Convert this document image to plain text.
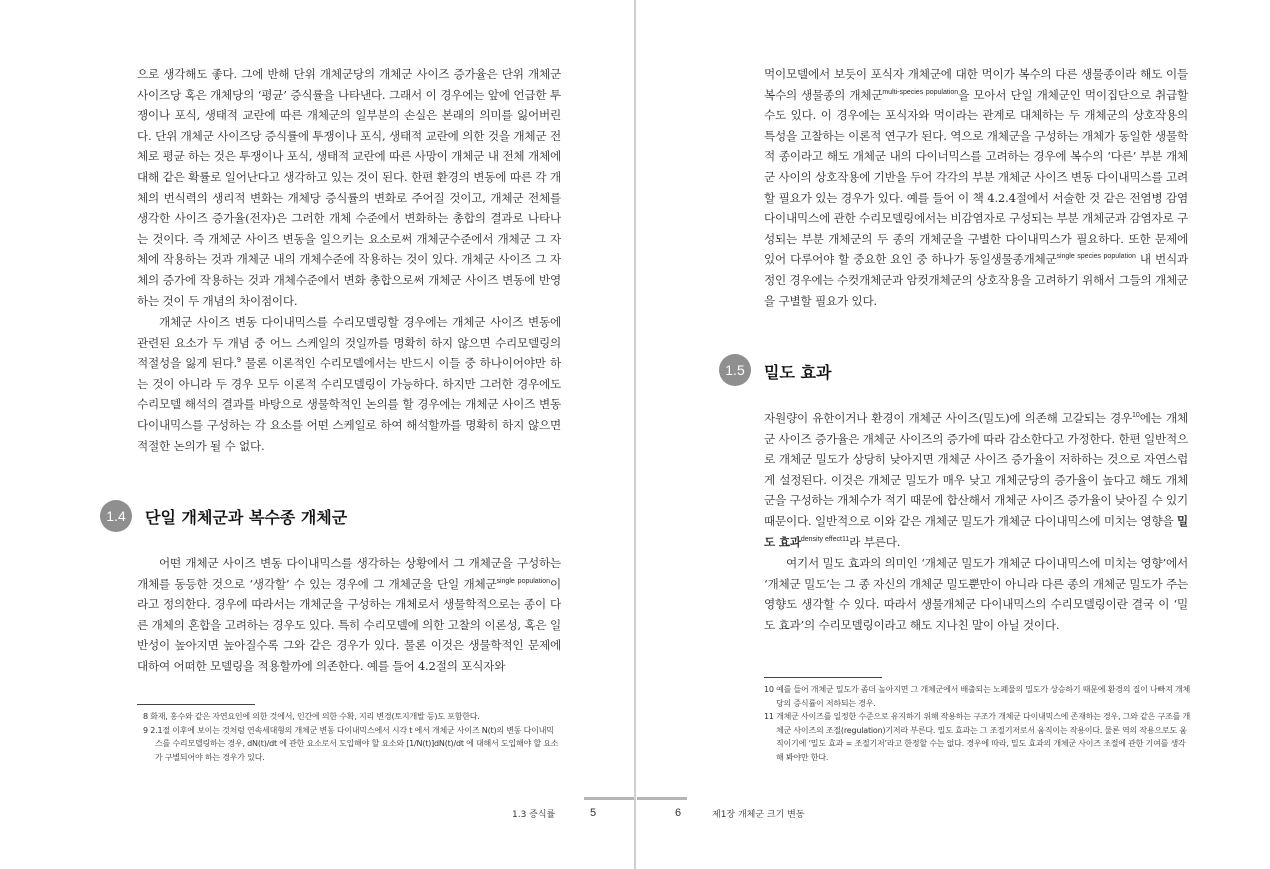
으로 생각해도 좋다. 그에 반해 단위 개체군당의 개체군 사이즈 증가율은 단위 개체군 사이즈당 혹은 개체당의 ‘평균’ 증식률을 나타낸다. 그래서 이 경우에는 앞에 언급한 투쟁이나 포식, 생태적 교란에 따른 개체군의 일부분의 손실은 본래의 의미를 잃어버린다. 단위 개체군 사이즈당 증식률에 투쟁이나 포식, 생태적 교란에 의한 것을 개체군 전체로 평균 하는 것은 투쟁이나 포식, 생태적 교란에 따른 사망이 개체군 내 전체 개체에 대해 같은 확률로 일어난다고 생각하고 있는 것이 된다. 한편 환경의 변동에 따른 각 개체의 번식력의 생리적 변화는 개체당 증식률의 변화로 주어질 것이고, 개체군 전체를 생각한 사이즈 증가율(전자)은 그러한 개체 수준에서 변화하는 총합의 결과로 나타나는 것이다. 즉 개체군 사이즈 변동을 일으키는 요소로써 개체군수준에서 개체군 그 자체에 작용하는 것과 개체군 내의 개체수준에 작용하는 것이 있다. 개체군 사이즈 그 자체의 증가에 작용하는 것과 개체수준에서 변화 총합으로써 개체군 사이즈 변동에 반영하는 것이 두 개념의 차이점이다.

개체군 사이즈 변동 다이내믹스를 수리모델링할 경우에는 개체군 사이즈 변동에 관련된 요소가 두 개념 중 어느 스케일의 것일까를 명확히 하지 않으면 수리모델링의 적절성을 잃게 된다.$^9$ 물론 이론적인 수리모델에서는 반드시 이들 중 하나이어야만 하는 것이 아니라 두 경우 모두 이론적 수리모델링이 가능하다. 하지만 그러한 경우에도 수리모델 해석의 결과를 바탕으로 생물학적인 논의를 할 경우에는 개체군 사이즈 변동 다이내믹스를 구성하는 각 요소를 어떤 스케일로 하여 해석할까를 명확히 하지 않으면 적절한 논의가 될 수 없다.

1.4	단일 개체군과 복수종 개체군

어떤 개체군 사이즈 변동 다이내믹스를 생각하는 상황에서 그 개체군을 구성하는 개체를 동등한 것으로 ‘생각할’ 수 있는 경우에 그 개체군을 단일 개체군$^{single population}$이라고 정의한다. 경우에 따라서는 개체군을 구성하는 개체로서 생물학적으로는 종이 다른 개체의 혼합을 고려하는 경우도 있다. 특히 수리모델에 의한 고찰의 이론성, 혹은 일반성이 높아지면 높아질수록 그와 같은 경우가 있다. 물론 이것은 생물학적인 문제에 대하여 어떠한 모델링을 적용할까에 의존한다. 예를 들어 4.2절의 포식자와

8 화재, 홍수와 같은 자연요인에 의한 것에서, 인간에 의한 수확, 지리 변경(토지개발 등)도 포함한다.

9 2.1절 이후에 보이는 것처럼 연속세대형의 개체군 변동 다이내믹스에서 시각 t 에서 개체군 사이즈 N(t)의 변동 다이내믹스를 수리모델링하는 경우, dN(t)/dt 에 관한 요소로서 도입해야 할 요소와 [1/N(t)]dN(t)/dt 에 대해서 도입해야 할 요소가 구별되어야 하는 경우가 있다.

1.3 증식률	5

먹이모델에서 보듯이 포식자 개체군에 대한 먹이가 복수의 다른 생물종이라 해도 이들 복수의 생물종의 개체군$^{multi-species population}$을 모아서 단일 개체군인 먹이집단으로 취급할 수도 있다. 이 경우에는 포식자와 먹이라는 관계로 대체하는 두 개체군의 상호작용의 특성을 고찰하는 이론적 연구가 된다. 역으로 개체군을 구성하는 개체가 동일한 생물학적 종이라고 해도 개체군 내의 다이너믹스를 고려하는 경우에 복수의 ‘다른’ 부분 개체군 사이의 상호작용에 기반을 두어 각각의 부분 개체군 사이즈 변동 다이내믹스를 고려할 필요가 있는 경우가 있다. 예를 들어 이 책 4.2.4절에서 서술한 것 같은 전염병 감염 다이내믹스에 관한 수리모델링에서는 비감염자로 구성되는 부분 개체군과 감염자로 구성되는 부분 개체군의 두 종의 개체군을 구별한 다이내믹스가 필요하다. 또한 문제에 있어 다루어야 할 중요한 요인 중 하나가 동일생물종개체군$^{single species population}$ 내 번식과정인 경우에는 수컷개체군과 암컷개체군의 상호작용을 고려하기 위해서 그들의 개체군을 구별할 필요가 있다.

1.5	밀도 효과

자원량이 유한이거나 환경이 개체군 사이즈(밀도)에 의존해 고갈되는 경우$^{10}$에는 개체군 사이즈 증가율은 개체군 사이즈의 증가에 따라 감소한다고 가정한다. 한편 일반적으로 개체군 밀도가 상당히 낮아지면 개체군 사이즈 증가율이 저하하는 것으로 자연스럽게 설정된다. 이것은 개체군 밀도가 매우 낮고 개체군당의 증가율이 높다고 해도 개체군을 구성하는 개체수가 적기 때문에 합산해서 개체군 사이즈 증가율이 낮아질 수 있기 때문이다. 일반적으로 이와 같은 개체군 밀도가 개체군 다이내믹스에 미치는 영향을 밀도 효과$^{density effect11}$라 부른다.

여기서 밀도 효과의 의미인 ‘개체군 밀도가 개체군 다이내믹스에 미치는 영향’에서 ‘개체군 밀도’는 그 종 자신의 개체군 밀도뿐만이 아니라 다른 종의 개체군 밀도가 주는 영향도 생각할 수 있다. 따라서 생물개체군 다이내믹스의 수리모델링이란 결국 이 ‘밀도 효과’의 수리모델링이라고 해도 지나친 말이 아닐 것이다.

10 예를 들어 개체군 밀도가 좀더 높아지면 그 개체군에서 배출되는 노폐물의 밀도가 상승하기 때문에 환경의 질이 나빠져 개체당의 증식률이 저하되는 경우.

11 개체군 사이즈를 일정한 수준으로 유지하기 위해 작용하는 구조가 개체군 다이내믹스에 존재하는 경우, 그와 같은 구조를 개체군 사이즈의 조절(regulation)기저라 부른다. 밀도 효과는 그 조절기저로서 움직이는 작용이다. 물론 역의 작용으로도 움직이기에 ‘밀도 효과 = 조절기저’라고 한정할 수는 없다. 경우에 따라, 밀도 효과의 개체군 사이즈 조절에 관한 기여를 생각해 봐야만 한다.

6	제1장 개체군 크기 변동
